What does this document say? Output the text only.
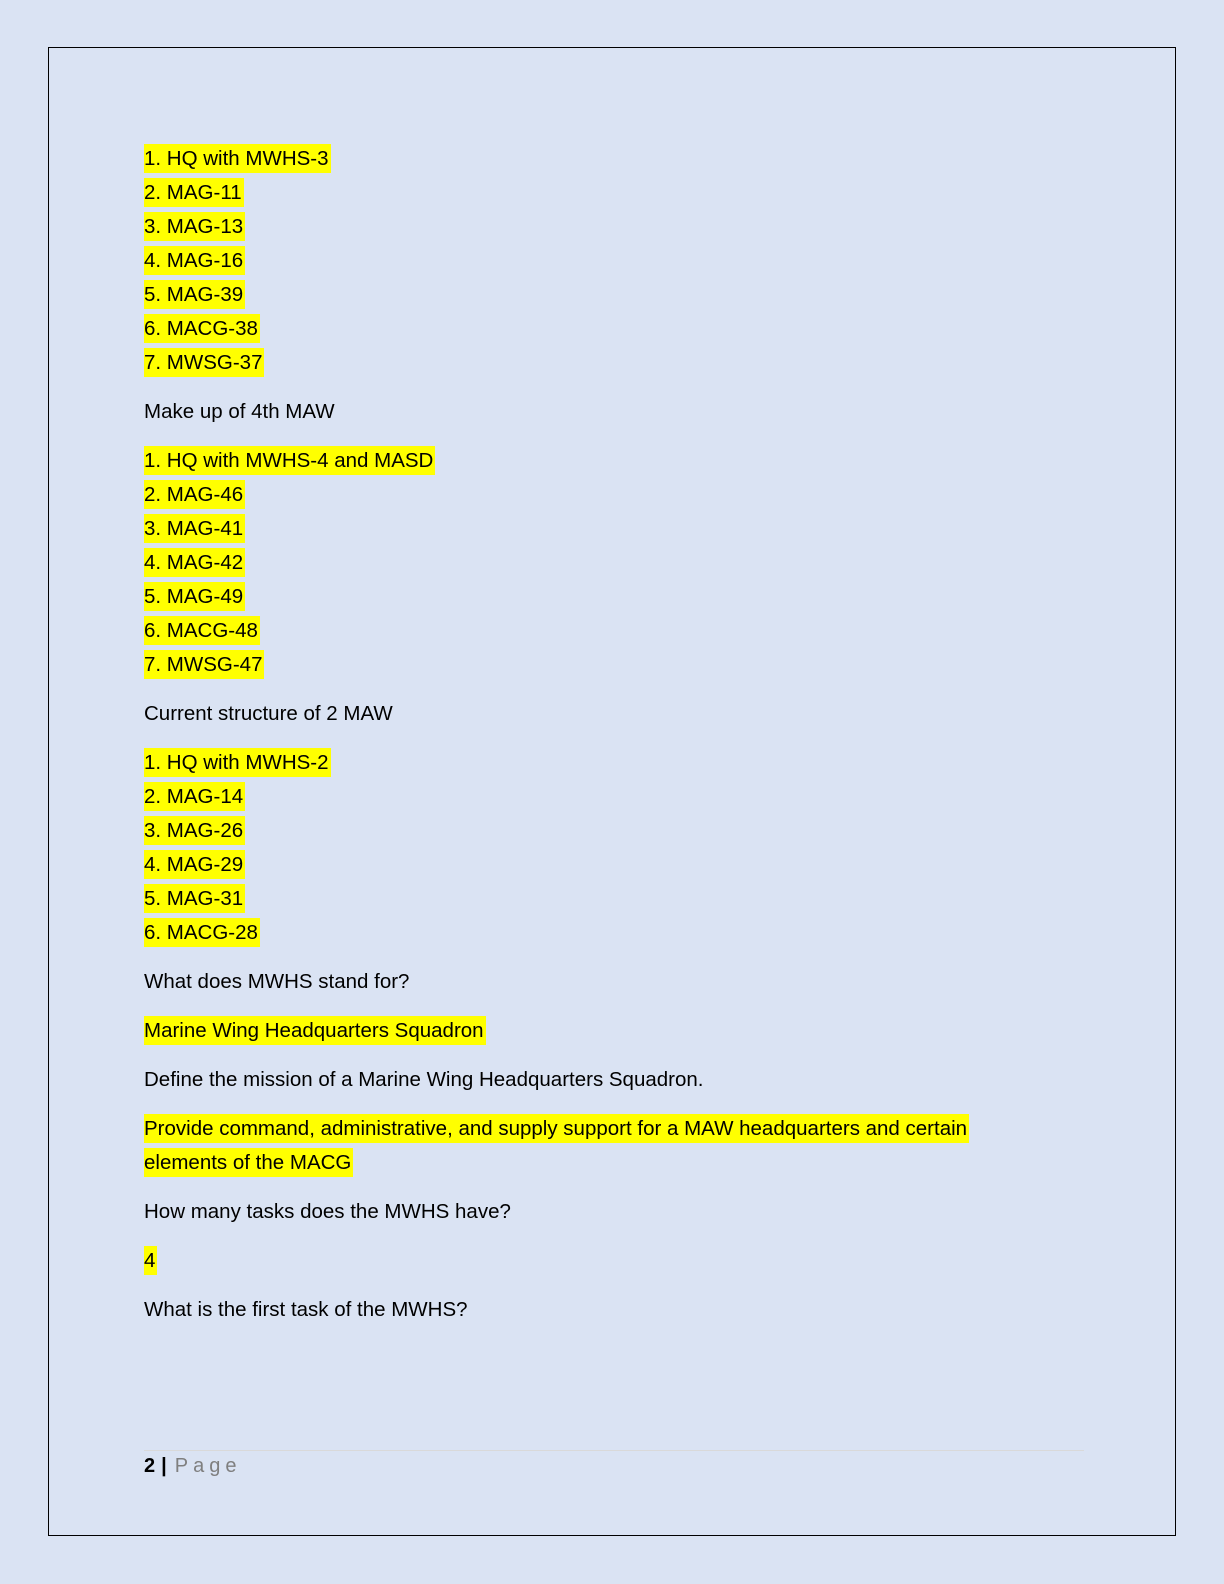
1. HQ with MWHS-3
2. MAG-11
3. MAG-13
4. MAG-16
5. MAG-39
6. MACG-38
7. MWSG-37
Make up of 4th MAW
1. HQ with MWHS-4 and MASD
2. MAG-46
3. MAG-41
4. MAG-42
5. MAG-49
6. MACG-48
7. MWSG-47
Current structure of 2 MAW
1. HQ with MWHS-2
2. MAG-14
3. MAG-26
4. MAG-29
5. MAG-31
6. MACG-28
What does MWHS stand for?
Marine Wing Headquarters Squadron
Define the mission of a Marine Wing Headquarters Squadron.
Provide command, administrative, and supply support for a MAW headquarters and certain elements of the MACG
How many tasks does the MWHS have?
4
What is the first task of the MWHS?
2 | Page
